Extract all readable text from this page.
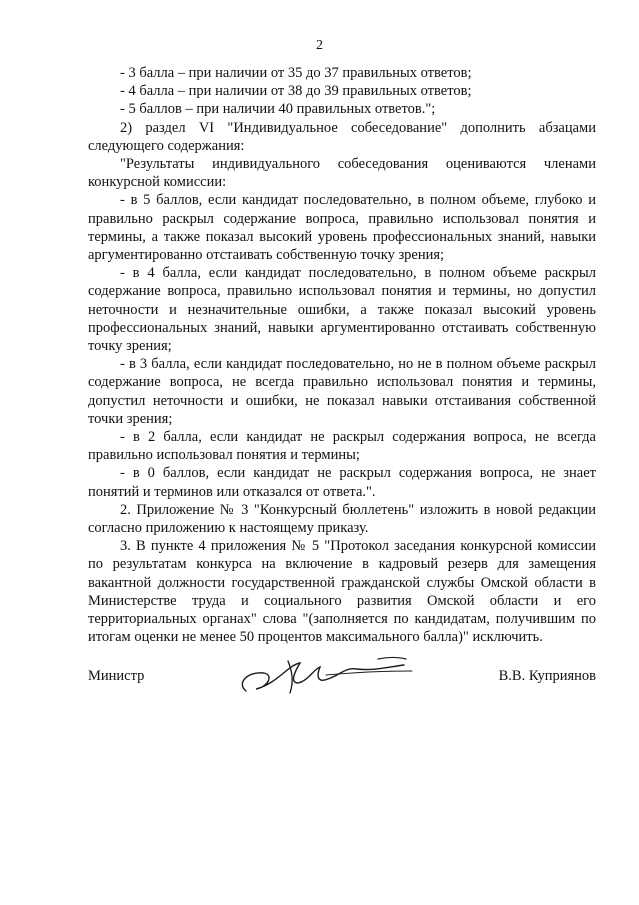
2

- 3 балла – при наличии от 35 до 37 правильных ответов;

- 4 балла – при наличии от 38 до 39 правильных ответов;

- 5 баллов – при наличии 40 правильных ответов.";

2) раздел VI "Индивидуальное собеседование" дополнить абзацами следующего содержания:

"Результаты индивидуального собеседования оцениваются членами конкурсной комиссии:

- в 5 баллов, если кандидат последовательно, в полном объеме, глубоко и правильно раскрыл содержание вопроса, правильно использовал понятия и термины, а также показал высокий уровень профессиональных знаний, навыки аргументированно отстаивать собственную точку зрения;

- в 4 балла, если кандидат последовательно, в полном объеме раскрыл содержание вопроса, правильно использовал понятия и термины, но допустил неточности и незначительные ошибки, а также показал высокий уровень профессиональных знаний, навыки аргументированно отстаивать собственную точку зрения;

- в 3 балла, если кандидат последовательно, но не в полном объеме раскрыл содержание вопроса, не всегда правильно использовал понятия и термины, допустил неточности и ошибки, не показал навыки отстаивания собственной точки зрения;

- в 2 балла, если кандидат не раскрыл содержания вопроса, не всегда правильно использовал понятия и термины;

- в 0 баллов, если кандидат не раскрыл содержания вопроса, не знает понятий и терминов или отказался от ответа.".

2. Приложение № 3 "Конкурсный бюллетень" изложить в новой редакции согласно приложению к настоящему приказу.

3. В пункте 4 приложения № 5 "Протокол заседания конкурсной комиссии по результатам конкурса на включение в кадровый резерв для замещения вакантной должности государственной гражданской службы Омской области в Министерстве труда и социального развития Омской области и его территориальных органах" слова "(заполняется по кандидатам, получившим по итогам оценки не менее 50 процентов максимального балла)" исключить.

Министр	В.В. Куприянов
